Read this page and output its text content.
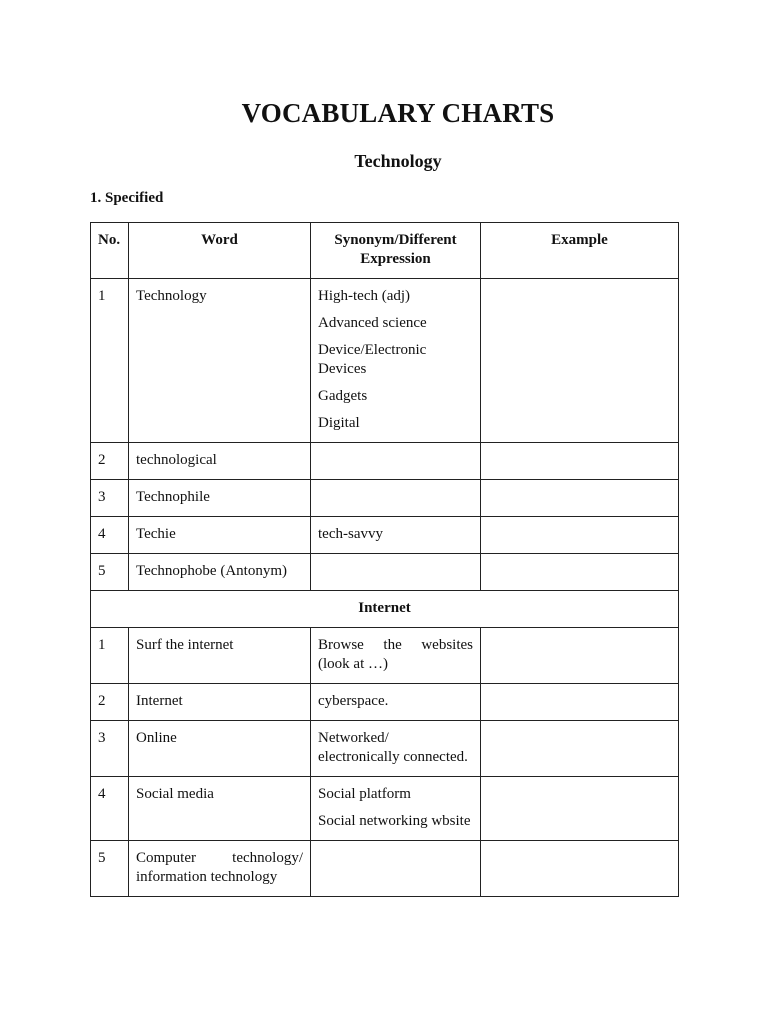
VOCABULARY CHARTS
Technology
1. Specified
No.	Word	Synonym/Different Expression	Example
1	Technology	High-tech (adj)
Advanced science
Device/Electronic Devices
Gadgets
Digital	

2	technological		
3	Technophile		
4	Techie	tech-savvy	
5	Technophobe (Antonym)		
Internet			
1	Surf the internet	Browse the websites (look at …)	
2	Internet	cyberspace.	
3	Online	Networked/ electronically connected.	
4	Social media	Social platform
Social networking wbsite	

5	Computer technology/ information technology		
